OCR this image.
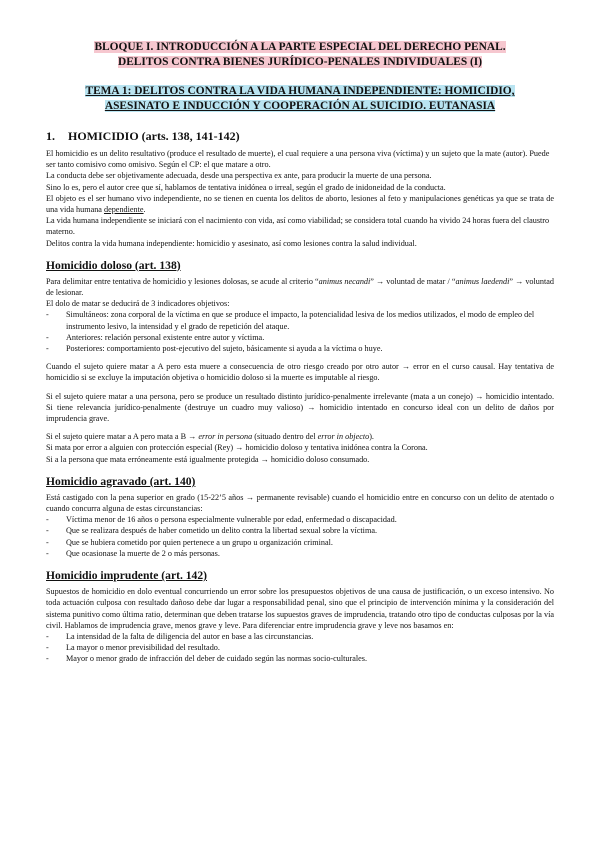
BLOQUE I. INTRODUCCIÓN A LA PARTE ESPECIAL DEL DERECHO PENAL.
DELITOS CONTRA BIENES JURÍDICO-PENALES INDIVIDUALES (I)
TEMA 1: DELITOS CONTRA LA VIDA HUMANA INDEPENDIENTE: HOMICIDIO,
ASESINATO E INDUCCIÓN Y COOPERACIÓN AL SUICIDIO. EUTANASIA
1. HOMICIDIO (arts. 138, 141-142)

El homicidio es un delito resultativo (produce el resultado de muerte), el cual requiere a una persona viva (víctima) y un sujeto que la mate (autor). Puede ser tanto comisivo como omisivo. Según el CP: el que matare a otro.

La conducta debe ser objetivamente adecuada, desde una perspectiva ex ante, para producir la muerte de una persona.

Sino lo es, pero el autor cree que sí, hablamos de tentativa inidónea o irreal, según el grado de inidoneidad de la conducta.

El objeto es el ser humano vivo independiente, no se tienen en cuenta los delitos de aborto, lesiones al feto y manipulaciones genéticas ya que se trata de una vida humana dependiente.

La vida humana independiente se iniciará con el nacimiento con vida, así como viabilidad; se considera total cuando ha vivido 24 horas fuera del claustro materno.

Delitos contra la vida humana independiente: homicidio y asesinato, así como lesiones contra la salud individual.

Homicidio doloso (art. 138)

Para delimitar entre tentativa de homicidio y lesiones dolosas, se acude al criterio “animus necandi” → voluntad de matar / “animus laedendi” → voluntad de lesionar.

El dolo de matar se deducirá de 3 indicadores objetivos:

- Simultáneos: zona corporal de la víctima en que se produce el impacto, la potencialidad lesiva de los medios utilizados, el modo de empleo del instrumento lesivo, la intensidad y el grado de repetición del ataque.
- Anteriores: relación personal existente entre autor y víctima.
- Posteriores: comportamiento post-ejecutivo del sujeto, básicamente si ayuda a la víctima o huye.

Cuando el sujeto quiere matar a A pero esta muere a consecuencia de otro riesgo creado por otro autor → error en el curso causal. Hay tentativa de homicidio si se excluye la imputación objetiva o homicidio doloso si la muerte es imputable al riesgo.

Si el sujeto quiere matar a una persona, pero se produce un resultado distinto jurídico-penalmente irrelevante (mata a un conejo) → homicidio intentado. Si tiene relevancia jurídico-penalmente (destruye un cuadro muy valioso) → homicidio intentado en concurso ideal con un delito de daños por imprudencia grave.

Si el sujeto quiere matar a A pero mata a B → error in persona (situado dentro del error in objecto).

Si mata por error a alguien con protección especial (Rey) → homicidio doloso y tentativa inidónea contra la Corona.

Si a la persona que mata erróneamente está igualmente protegida → homicidio doloso consumado.

Homicidio agravado (art. 140)

Está castigado con la pena superior en grado (15-22’5 años → permanente revisable) cuando el homicidio entre en concurso con un delito de atentado o cuando concurra alguna de estas circunstancias:

- Víctima menor de 16 años o persona especialmente vulnerable por edad, enfermedad o discapacidad.
- Que se realizara después de haber cometido un delito contra la libertad sexual sobre la víctima.
- Que se hubiera cometido por quien pertenece a un grupo u organización criminal.
- Que ocasionase la muerte de 2 o más personas.
Homicidio imprudente (art. 142)

Supuestos de homicidio en dolo eventual concurriendo un error sobre los presupuestos objetivos de una causa de justificación, o un exceso intensivo. No toda actuación culposa con resultado dañoso debe dar lugar a responsabilidad penal, sino que el principio de intervención mínima y la consideración del sistema punitivo como última ratio, determinan que deben tratarse los supuestos graves de imprudencia, tratando otro tipo de conductas culposas por la vía civil. Hablamos de imprudencia grave, menos grave y leve. Para diferenciar entre imprudencia grave y leve nos basamos en:

- La intensidad de la falta de diligencia del autor en base a las circunstancias.
- La mayor o menor previsibilidad del resultado.
- Mayor o menor grado de infracción del deber de cuidado según las normas socio-culturales.
